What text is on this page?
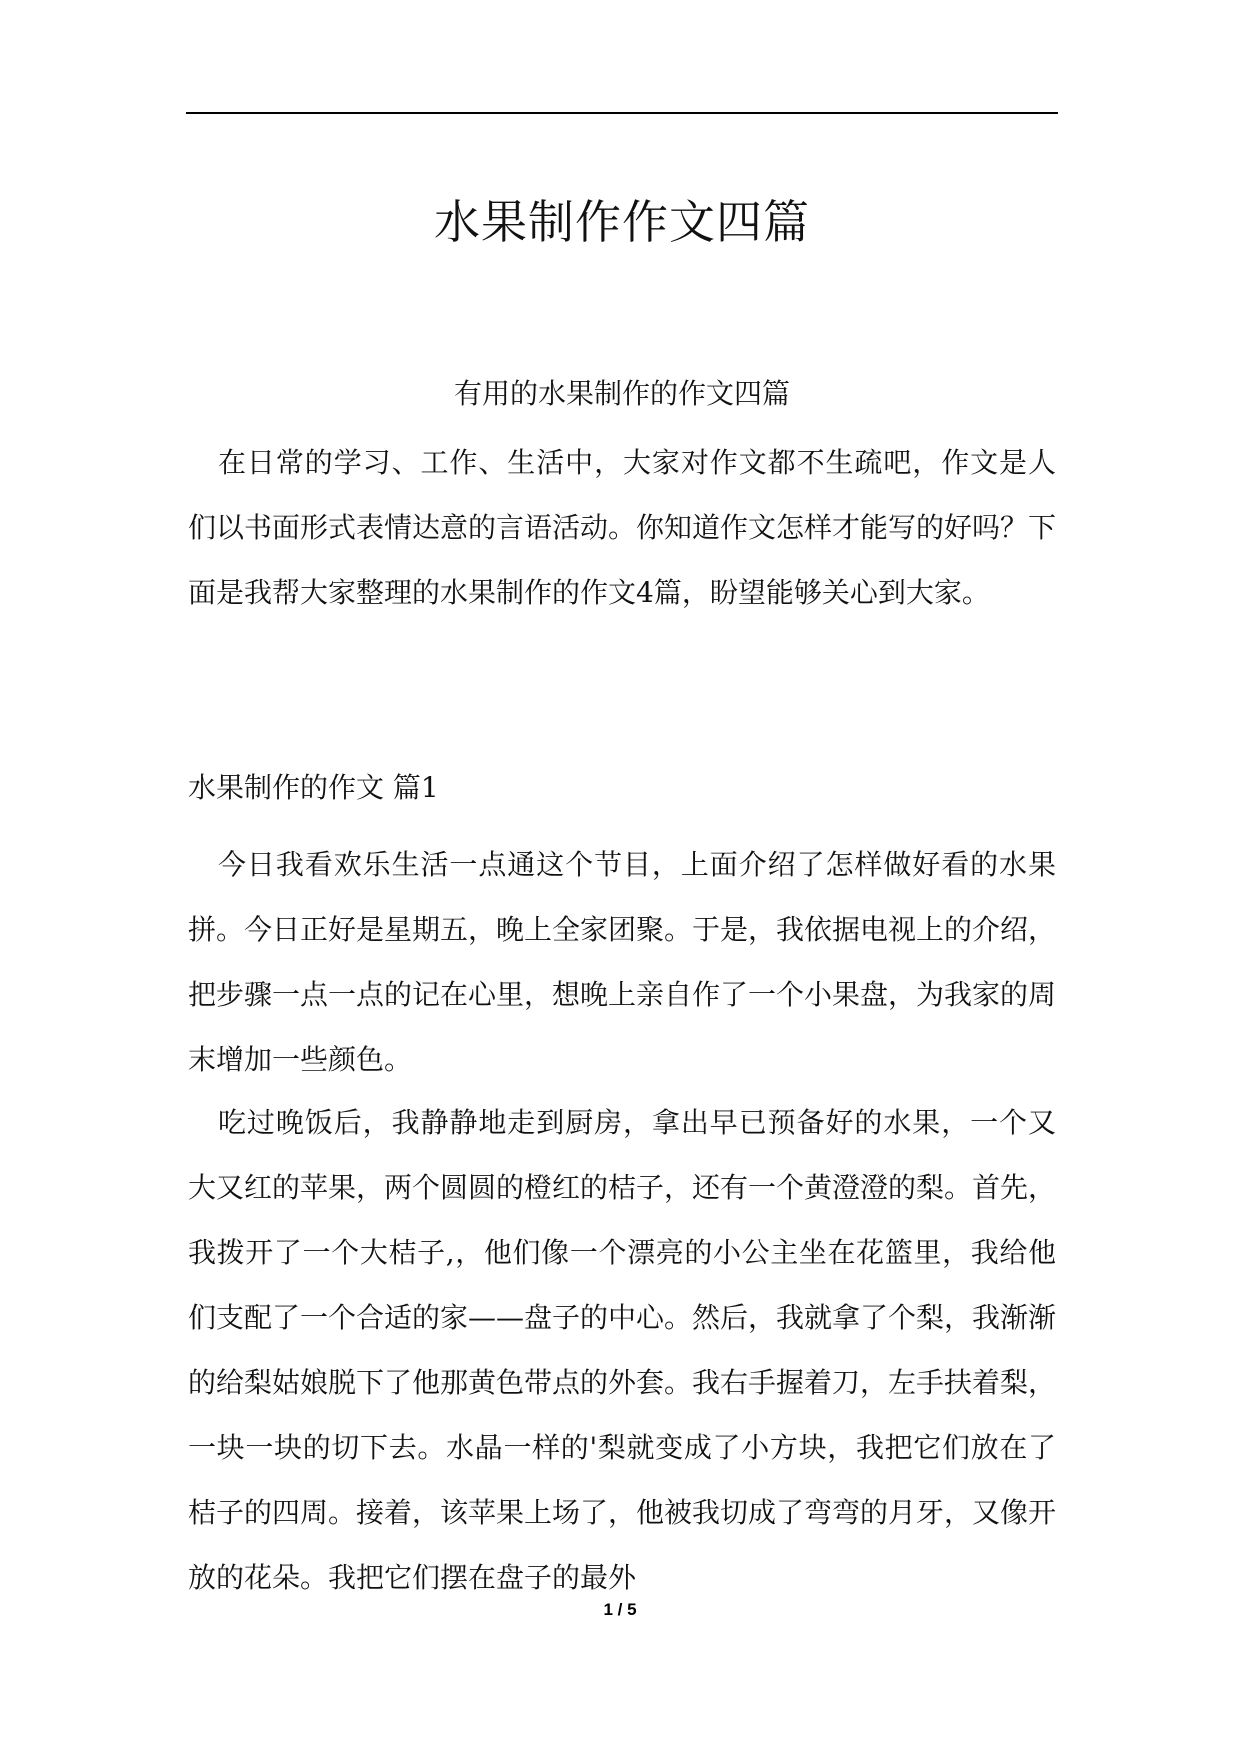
水果制作作文四篇

有用的水果制作的作文四篇

在日常的学习、工作、生活中，大家对作文都不生疏吧，作文是人们以书面形式表情达意的言语活动。你知道作文怎样才能写的好吗？下面是我帮大家整理的水果制作的作文4篇，盼望能够关心到大家。

水果制作的作文 篇1

今日我看欢乐生活一点通这个节目，上面介绍了怎样做好看的水果拼。今日正好是星期五，晚上全家团聚。于是，我依据电视上的介绍，把步骤一点一点的记在心里，想晚上亲自作了一个小果盘，为我家的周末增加一些颜色。

吃过晚饭后，我静静地走到厨房，拿出早已预备好的水果，一个又大又红的苹果，两个圆圆的橙红的桔子，还有一个黄澄澄的梨。首先，我拨开了一个大桔子,，他们像一个漂亮的小公主坐在花篮里，我给他们支配了一个合适的家——盘子的中心。然后，我就拿了个梨，我渐渐的给梨姑娘脱下了他那黄色带点的外套。我右手握着刀，左手扶着梨，一块一块的切下去。水晶一样的'梨就变成了小方块，我把它们放在了桔子的四周。接着，该苹果上场了，他被我切成了弯弯的月牙，又像开放的花朵。我把它们摆在盘子的最外

1 / 5
